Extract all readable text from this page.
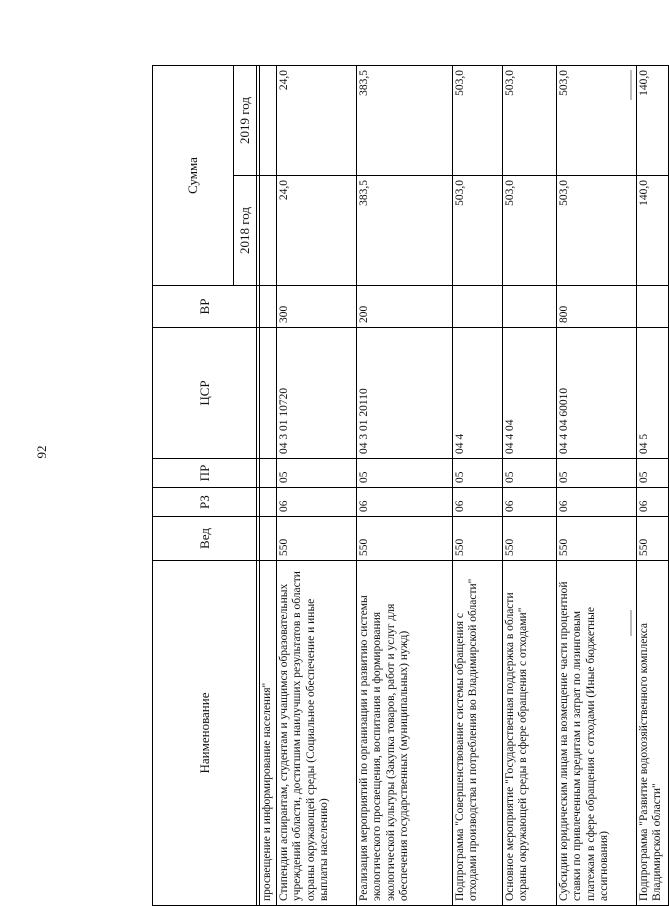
92
Наименование	Вед	РЗ	ПР	ЦСР	ВР	Сумма	
						2018 год	2019 год

просвещение и информирование населения"							
Стипендии аспирантам, студентам и учащимся образовательных учреждений области, достигшим наилучших результатов в области охраны окружающей среды (Социальное обеспечение и иные выплаты населению)	550	06	05	04 3 01 10720	300	24,0	24,0
Реализация мероприятий по организации и развитию системы экологического просвещения, воспитания и формирования экологической культуры (Закупка товаров, работ и услуг для обеспечения государственных (муниципальных) нужд)	550	06	05	04 3 01 20110	200	383,5	383,5
Подпрограмма "Совершенствование системы обращения с отходами производства и потребления во Владимирской области"	550	06	05	04 4		503,0	503,0
Основное мероприятие "Государственная поддержка в области охраны окружающей среды в сфере обращения с отходами"	550	06	05	04 4 04		503,0	503,0
Субсидии юридическим лицам на возмещение части процентной ставки по привлеченным кредитам и затрат по лизинговым платежам в сфере обращения с отходами (Иные бюджетные ассигнования)	550	06	05	04 4 04 60010	800	503,0	503,0
Подпрограмма "Развитие водохозяйственного комплекса Владимирской области"	550	06	05	04 5		140,0	140,0
